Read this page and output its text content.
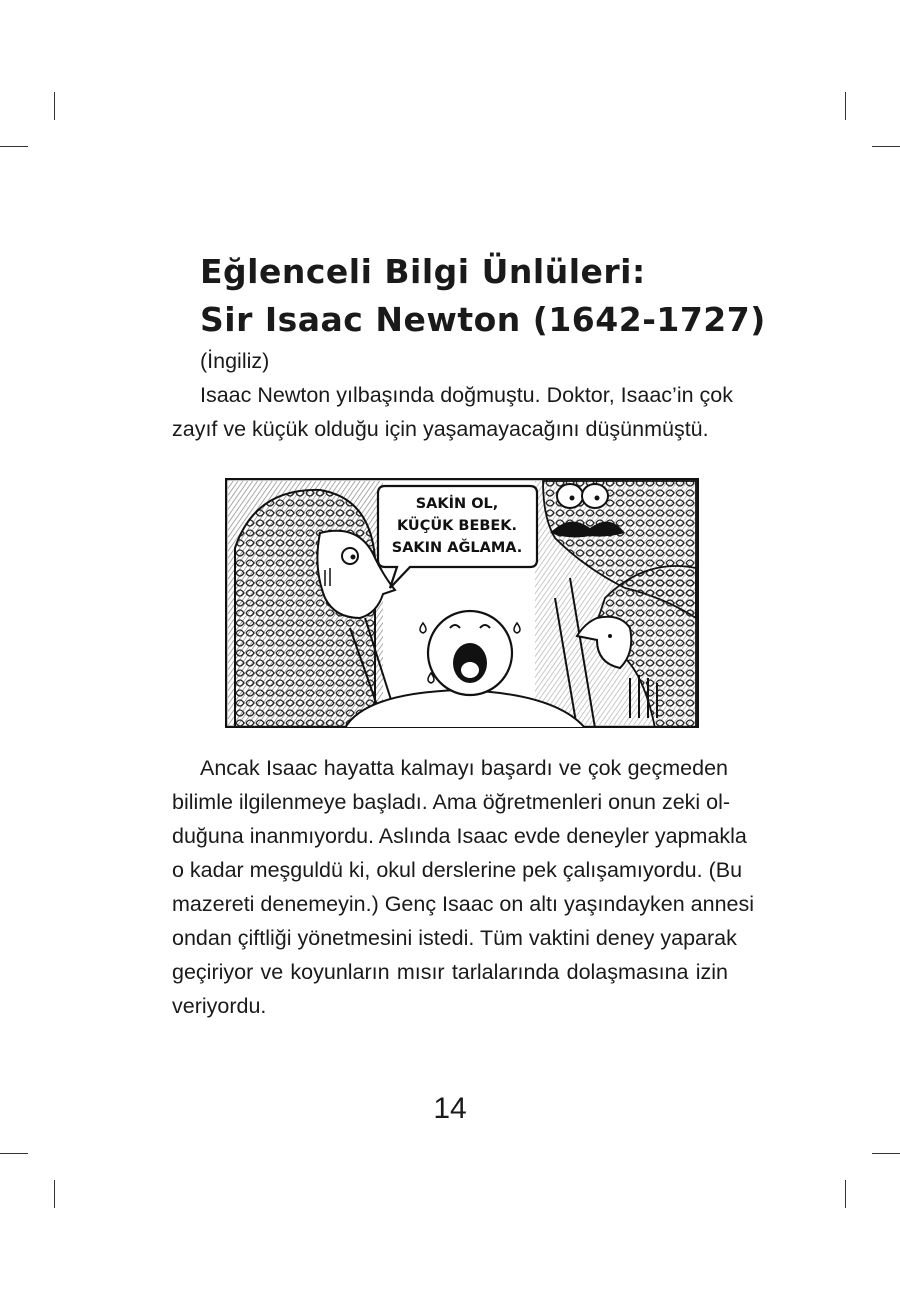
Eğlenceli Bilgi Ünlüleri:
Sir Isaac Newton (1642-1727)
(İngiliz)
Isaac Newton yılbaşında doğmuştu. Doktor, Isaac’in çok
zayıf ve küçük olduğu için yaşamayacağını düşünmüştü.
SAKİN OL,
KÜÇÜK BEBEK.
SAKIN AĞLAMA.
Ancak Isaac hayatta kalmayı başardı ve çok geçmeden
bilimle ilgilenmeye başladı. Ama öğretmenleri onun zeki ol-
duğuna inanmıyordu. Aslında Isaac evde deneyler yapmakla
o kadar meşguldü ki, okul derslerine pek çalışamıyordu. (Bu
mazereti denemeyin.) Genç Isaac on altı yaşındayken annesi
ondan çiftliği yönetmesini istedi. Tüm vaktini deney yaparak
geçiriyor ve koyunların mısır tarlalarında dolaşmasına izin
veriyordu.
14
